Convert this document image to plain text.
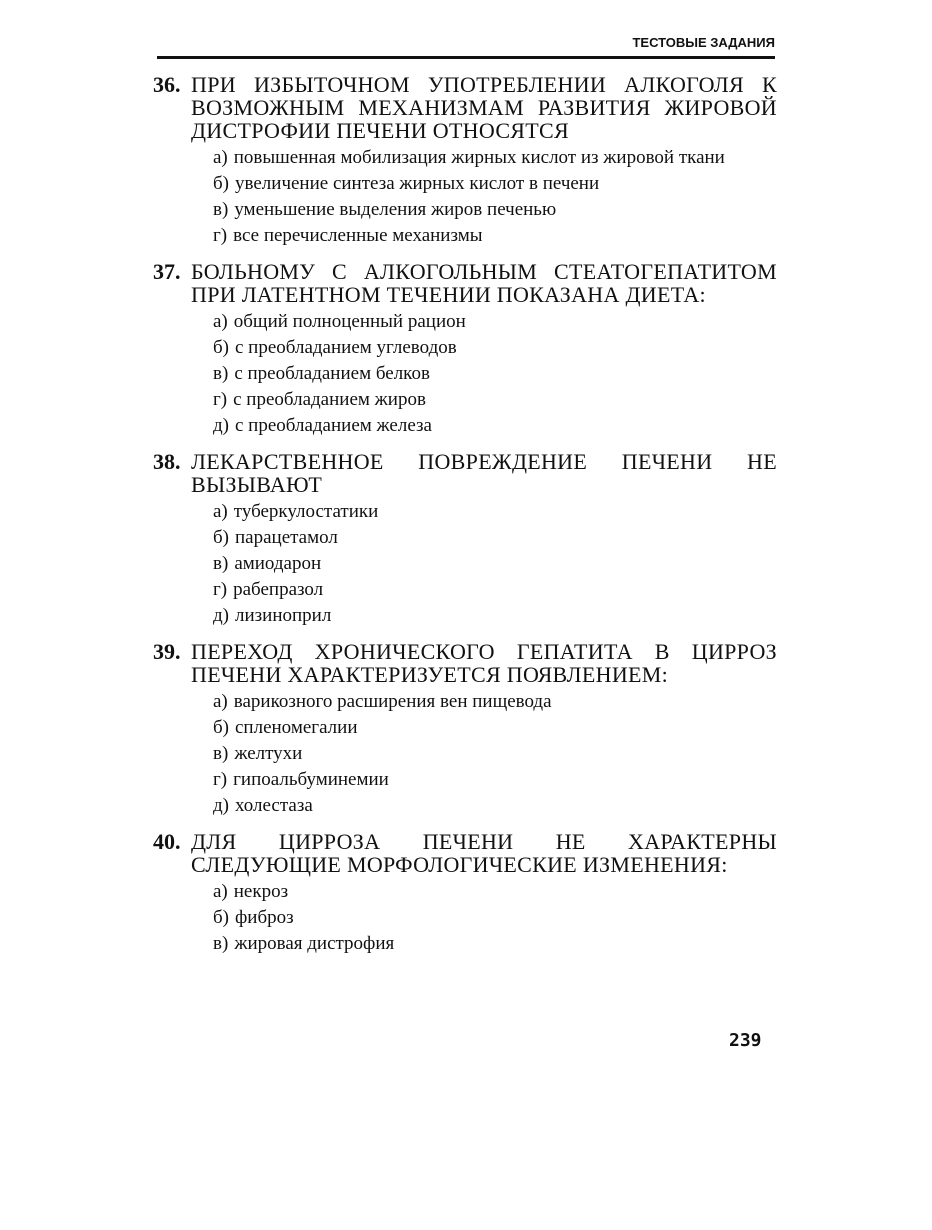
ТЕСТОВЫЕ ЗАДАНИЯ
36. ПРИ ИЗБЫТОЧНОМ УПОТРЕБЛЕНИИ АЛКОГОЛЯ К ВОЗМОЖНЫМ МЕХАНИЗМАМ РАЗВИТИЯ ЖИРОВОЙ ДИСТРОФИИ ПЕЧЕНИ ОТНОСЯТСЯ
а) повышенная мобилизация жирных кислот из жировой ткани
б) увеличение синтеза жирных кислот в печени
в) уменьшение выделения жиров печенью
г) все перечисленные механизмы
37. БОЛЬНОМУ С АЛКОГОЛЬНЫМ СТЕАТОГЕПАТИТОМ ПРИ ЛАТЕНТНОМ ТЕЧЕНИИ ПОКАЗАНА ДИЕТА:
а) общий полноценный рацион
б) с преобладанием углеводов
в) с преобладанием белков
г) с преобладанием жиров
д) с преобладанием железа
38. ЛЕКАРСТВЕННОЕ ПОВРЕЖДЕНИЕ ПЕЧЕНИ НЕ ВЫЗЫВАЮТ
а) туберкулостатики
б) парацетамол
в) амиодарон
г) рабепразол
д) лизиноприл
39. ПЕРЕХОД ХРОНИЧЕСКОГО ГЕПАТИТА В ЦИРРОЗ ПЕЧЕНИ ХАРАКТЕРИЗУЕТСЯ ПОЯВЛЕНИЕМ:
а) варикозного расширения вен пищевода
б) спленомегалии
в) желтухи
г) гипоальбуминемии
д) холестаза
40. ДЛЯ ЦИРРОЗА ПЕЧЕНИ НЕ ХАРАКТЕРНЫ СЛЕДУЮЩИЕ МОРФОЛОГИЧЕСКИЕ ИЗМЕНЕНИЯ:
а) некроз
б) фиброз
в) жировая дистрофия
239
